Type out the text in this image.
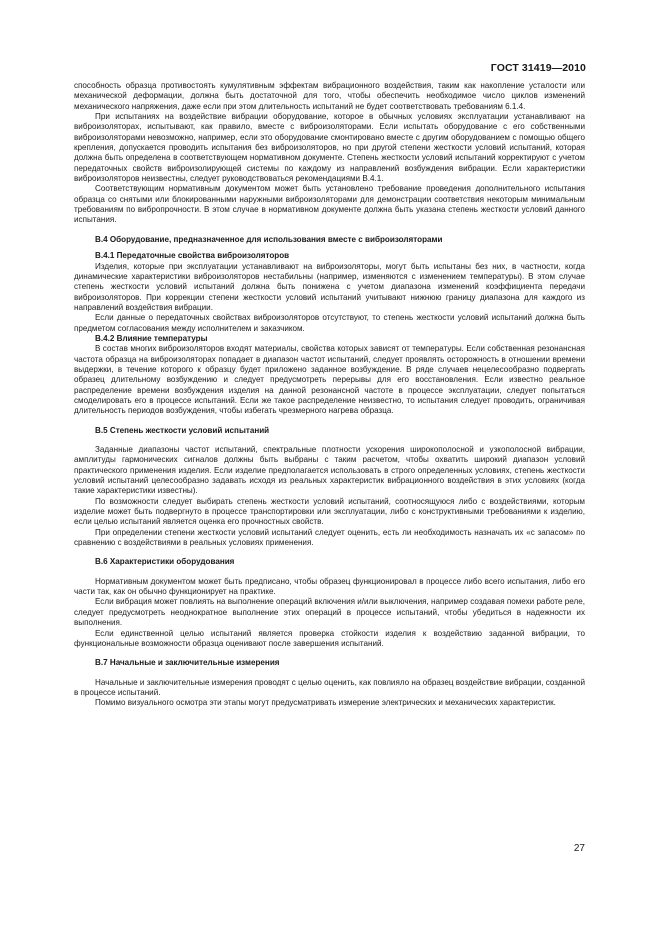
ГОСТ 31419—2010

способность образца противостоять кумулятивным эффектам вибрационного воздействия, таким как накопление усталости или механической деформации, должна быть достаточной для того, чтобы обеспечить необходимое число циклов изменений механического напряжения, даже если при этом длительность испытаний не будет соответствовать требованиям 6.1.4.

При испытаниях на воздействие вибрации оборудование, которое в обычных условиях эксплуатации устанавливают на виброизоляторах, испытывают, как правило, вместе с виброизоляторами. Если испытать оборудование с его собственными виброизоляторами невозможно, например, если это оборудование смонтировано вместе с другим оборудованием с помощью общего крепления, допускается проводить испытания без виброизоляторов, но при другой степени жесткости условий испытаний, которая должна быть определена в соответствующем нормативном документе. Степень жесткости условий испытаний корректируют с учетом передаточных свойств виброизолирующей системы по каждому из направлений возбуждения вибрации. Если характеристики виброизоляторов неизвестны, следует руководствоваться рекомендациями В.4.1.

Соответствующим нормативным документом может быть установлено требование проведения дополнительного испытания образца со снятыми или блокированными наружными виброизоляторами для демонстрации соответствия некоторым минимальным требованиям по вибропрочности. В этом случае в нормативном документе должна быть указана степень жесткости условий данного испытания.

В.4 Оборудование, предназначенное для использования вместе с виброизоляторами

В.4.1 Передаточные свойства виброизоляторов

Изделия, которые при эксплуатации устанавливают на виброизоляторы, могут быть испытаны без них, в частности, когда динамические характеристики виброизоляторов нестабильны (например, изменяются с изменением температуры). В этом случае степень жесткости условий испытаний должна быть понижена с учетом диапазона изменений коэффициента передачи виброизоляторов. При коррекции степени жесткости условий испытаний учитывают нижнюю границу диапазона для каждого из направлений воздействия вибрации.

Если данные о передаточных свойствах виброизоляторов отсутствуют, то степень жесткости условий испытаний должна быть предметом согласования между исполнителем и заказчиком.

В.4.2 Влияние температуры

В состав многих виброизоляторов входят материалы, свойства которых зависят от температуры. Если собственная резонансная частота образца на виброизоляторах попадает в диапазон частот испытаний, следует проявлять осторожность в отношении времени выдержки, в течение которого к образцу будет приложено заданное возбуждение. В ряде случаев нецелесообразно подвергать образец длительному возбуждению и следует предусмотреть перерывы для его восстановления. Если известно реальное распределение времени возбуждения изделия на данной резонансной частоте в процессе эксплуатации, следует попытаться смоделировать его в процессе испытаний. Если же такое распределение неизвестно, то испытания следует проводить, ограничивая длительность периодов возбуждения, чтобы избегать чрезмерного нагрева образца.

В.5 Степень жесткости условий испытаний

Заданные диапазоны частот испытаний, спектральные плотности ускорения широкополосной и узкополосной вибрации, амплитуды гармонических сигналов должны быть выбраны с таким расчетом, чтобы охватить широкий диапазон условий практического применения изделия. Если изделие предполагается использовать в строго определенных условиях, степень жесткости условий испытаний целесообразно задавать исходя из реальных характеристик вибрационного воздействия в этих условиях (когда такие характеристики известны).

По возможности следует выбирать степень жесткости условий испытаний, соотносящуюся либо с воздействиями, которым изделие может быть подвергнуто в процессе транспортировки или эксплуатации, либо с конструктивными требованиями к изделию, если целью испытаний является оценка его прочностных свойств.

При определении степени жесткости условий испытаний следует оценить, есть ли необходимость назначать их «с запасом» по сравнению с воздействиями в реальных условиях применения.

В.6 Характеристики оборудования

Нормативным документом может быть предписано, чтобы образец функционировал в процессе либо всего испытания, либо его части так, как он обычно функционирует на практике.

Если вибрация может повлиять на выполнение операций включения и/или выключения, например создавая помехи работе реле, следует предусмотреть неоднократное выполнение этих операций в процессе испытаний, чтобы убедиться в надежности их выполнения.

Если единственной целью испытаний является проверка стойкости изделия к воздействию заданной вибрации, то функциональные возможности образца оценивают после завершения испытаний.

В.7 Начальные и заключительные измерения

Начальные и заключительные измерения проводят с целью оценить, как повлияло на образец воздействие вибрации, созданной в процессе испытаний.

Помимо визуального осмотра эти этапы могут предусматривать измерение электрических и механических характеристик.

27
